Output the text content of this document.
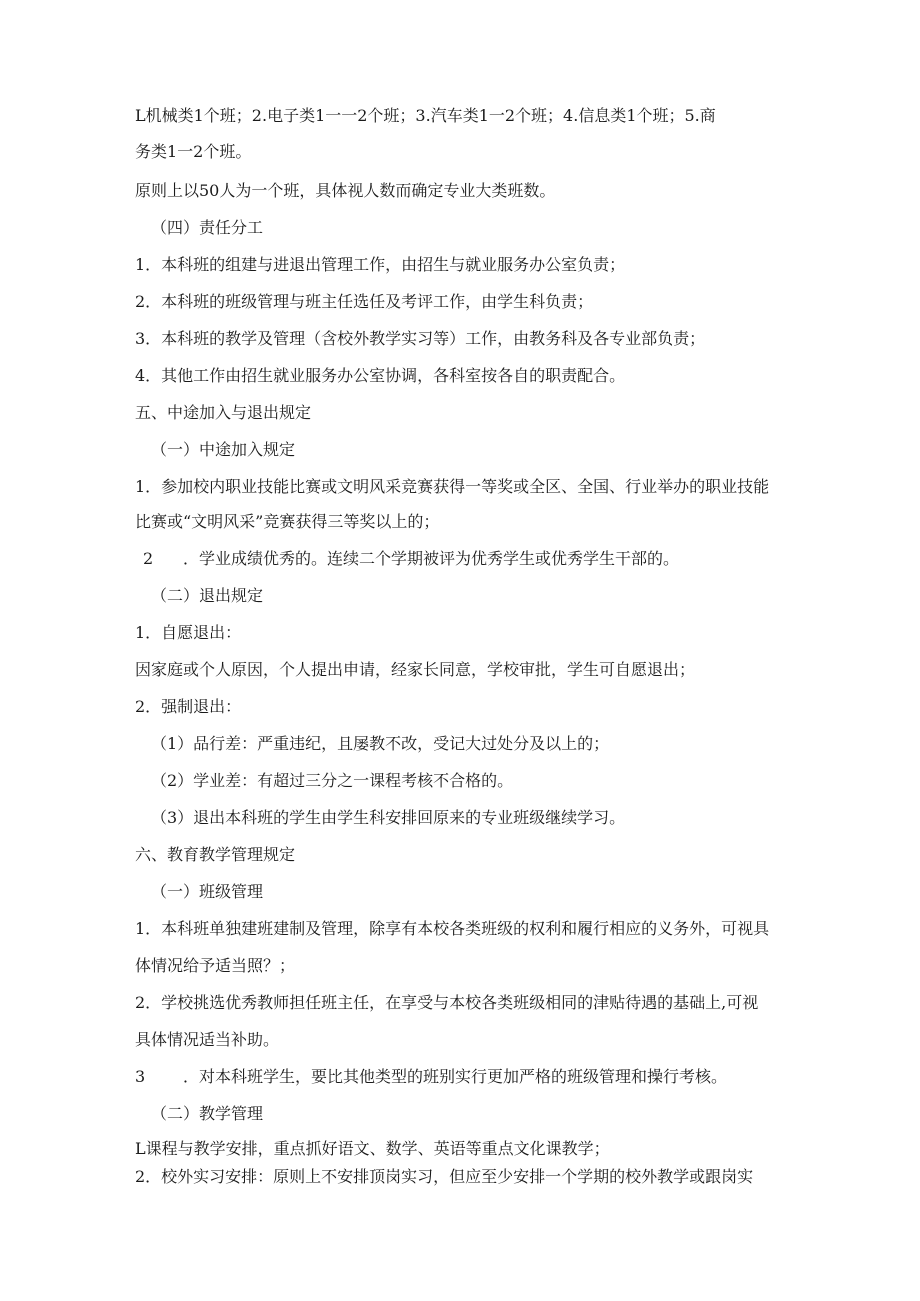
L机械类1个班；2.电子类1一一2个班；3.汽车类1一2个班；4.信息类1个班；5.商
务类1一2个班。
原则上以50人为一个班，具体视人数而确定专业大类班数。
（四）责任分工
1．本科班的组建与进退出管理工作，由招生与就业服务办公室负责；
2．本科班的班级管理与班主任选任及考评工作，由学生科负责；
3．本科班的教学及管理（含校外教学实习等）工作，由教务科及各专业部负责；
4．其他工作由招生就业服务办公室协调，各科室按各自的职责配合。
五、中途加入与退出规定
（一）中途加入规定
1．参加校内职业技能比赛或文明风采竞赛获得一等奖或全区、全国、行业举办的职业技能
比赛或“文明风采”竞赛获得三等奖以上的；
2 ．学业成绩优秀的。连续二个学期被评为优秀学生或优秀学生干部的。
（二）退出规定
1．自愿退出：
因家庭或个人原因，个人提出申请，经家长同意，学校审批，学生可自愿退出；
2．强制退出：
（1）品行差：严重违纪，且屡教不改，受记大过处分及以上的；
（2）学业差：有超过三分之一课程考核不合格的。
（3）退出本科班的学生由学生科安排回原来的专业班级继续学习。
六、教育教学管理规定
（一）班级管理
1．本科班单独建班建制及管理，除享有本校各类班级的权利和履行相应的义务外，可视具
体情况给予适当照？；
2．学校挑选优秀教师担任班主任，在享受与本校各类班级相同的津贴待遇的基础上,可视
具体情况适当补助。
3 ．对本科班学生，要比其他类型的班别实行更加严格的班级管理和操行考核。
（二）教学管理
L课程与教学安排，重点抓好语文、数学、英语等重点文化课教学；
2．校外实习安排：原则上不安排顶岗实习，但应至少安排一个学期的校外教学或跟岗实
